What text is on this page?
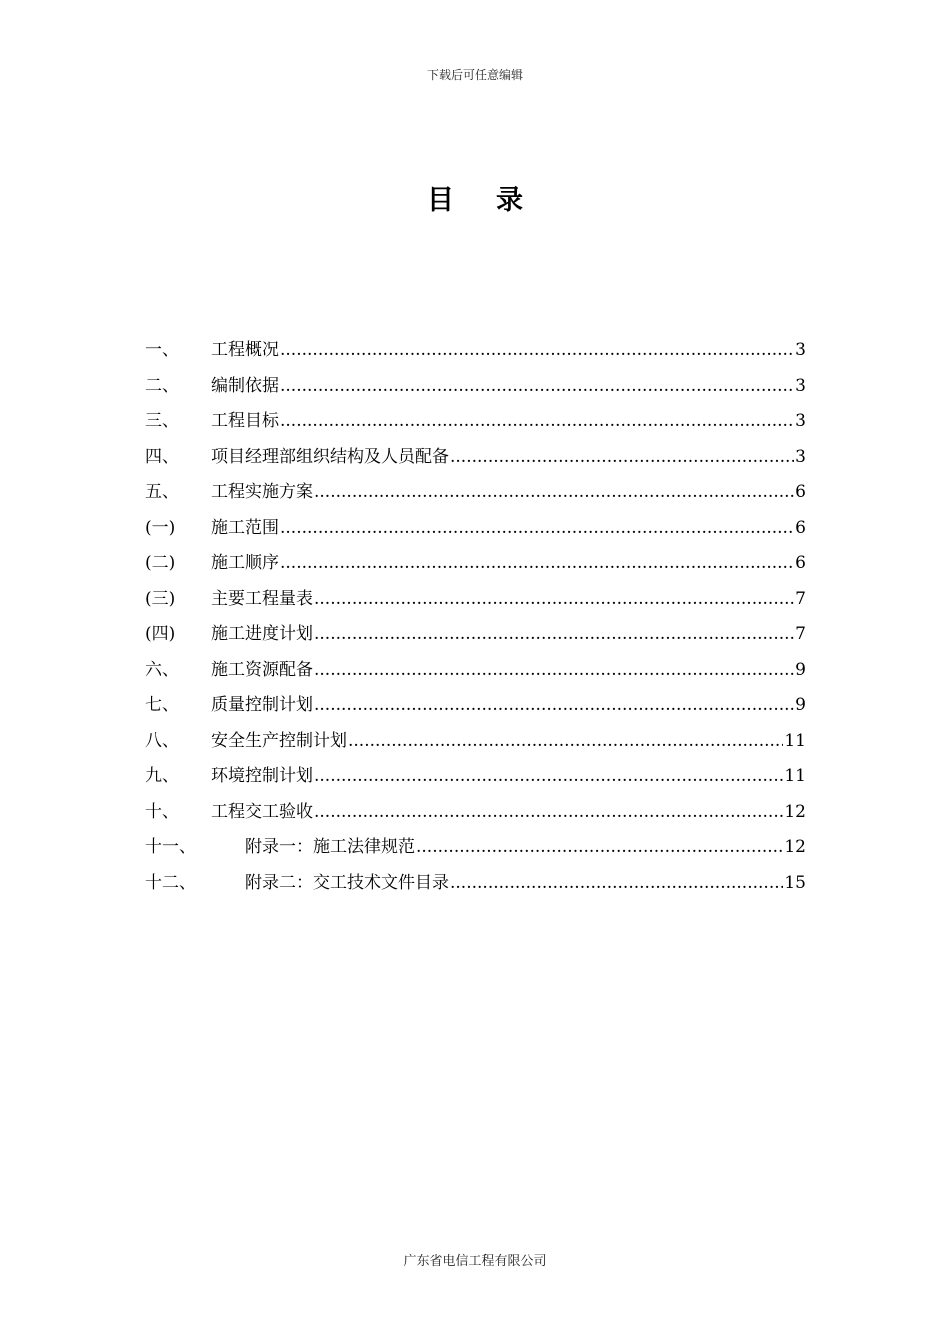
下载后可任意编辑
目 录
一、	工程概况 .....	3
二、	编制依据 .....	3
三、	工程目标 .....	3
四、	项目经理部组织结构及人员配备 .....	3
五、	工程实施方案 .....	6
(一)	施工范围 .....	6
(二)	施工顺序 .....	6
(三)	主要工程量表 .....	7
(四)	施工进度计划 .....	7
六、	施工资源配备 .....	9
七、	质量控制计划 .....	9
八、	安全生产控制计划 .....	11
九、	环境控制计划 .....	11
十、	工程交工验收 .....	12
十一、	附录一：施工法律规范 .....	12
十二、	附录二：交工技术文件目录 .....	15
广东省电信工程有限公司
